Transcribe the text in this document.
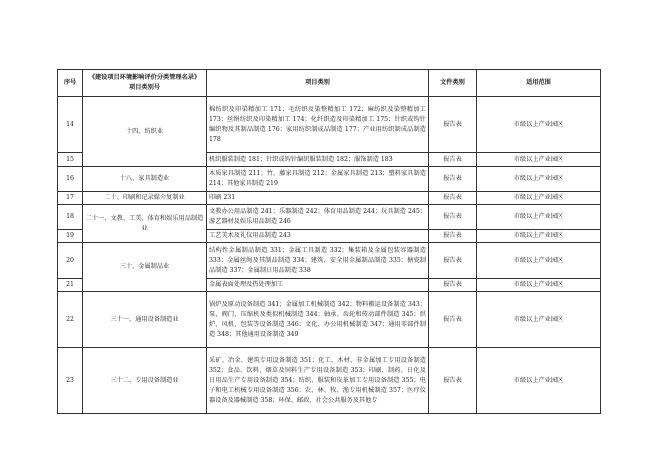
序号	《建设项目环境影响评价分类管理名录》项目类别号	项目类别	文件类别	适用范围
14	十四、纺织业	棉纺织及印染精加工 171；毛纺织及染整精加工 172；麻纺织及染整精加工 173；丝绢纺织及印染精加工 174；化纤织造及印染精加工 175；针织或钩针编织物及其制品制造 176；家用纺织制成品制造 177；产业用纺织制成品制造 178	报告表	市级以上产业园区
15		机织服装制造 181；针织或钩针编织服装制造 182；服饰制造 183	报告表	市级以上产业园区
16	十八、家具制造业	木质家具制造 211；竹、藤家具制造 212；金属家具制造 213；塑料家具制造 214；其他家具制造 219	报告表	市级以上产业园区
17	二十、印刷和记录媒介复制业	印刷 231	报告表	市级以上产业园区
18	二十一、文教、工美、体育和娱乐用品制造业	文教办公用品制造 241；乐器制造 242；体育用品制造 244；玩具制造 245；游艺器材及娱乐用品制造 246	报告表	市级以上产业园区
19		工艺美术及礼仪用品制造 243	报告表	市级以上产业园区
20	三十、金属制品业	结构性金属制品制造 331；金属工具制造 332；集装箱及金属包装容器制造 333；金属丝绳及其制品制造 334；建筑、安全用金属制品制造 335；搪瓷制品制造 337；金属制日用品制造 338	报告表	市级以上产业园区
21		金属表面处理及热处理加工	报告表	市级以上产业园区
22	三十一、通用设备制造业	锅炉及原动设备制造 341；金属加工机械制造 342；物料搬运设备制造 343；泵、阀门、压缩机及类似机械制造 344；轴承、齿轮和传动部件制造 345；烘炉、风机、包装等设备制造 346；文化、办公用机械制造 347；通用零部件制造 348；其他通用设备制造 349	报告表	市级以上产业园区
23	三十二、专用设备制造业	采矿、冶金、建筑专用设备制造 351；化工、木材、非金属加工专用设备制造 352；食品、饮料、烟草及饲料生产专用设备制造 353；印刷、制药、日化及日用品生产专用设备制造 354；纺织、服装和皮革加工专用设备制造 355；电子和电工机械专用设备制造 356；农、林、牧、渔专用机械制造 357；医疗仪器设备及器械制造 358；环保、邮政、社会公共服务及其他专	报告表	市级以上产业园区
